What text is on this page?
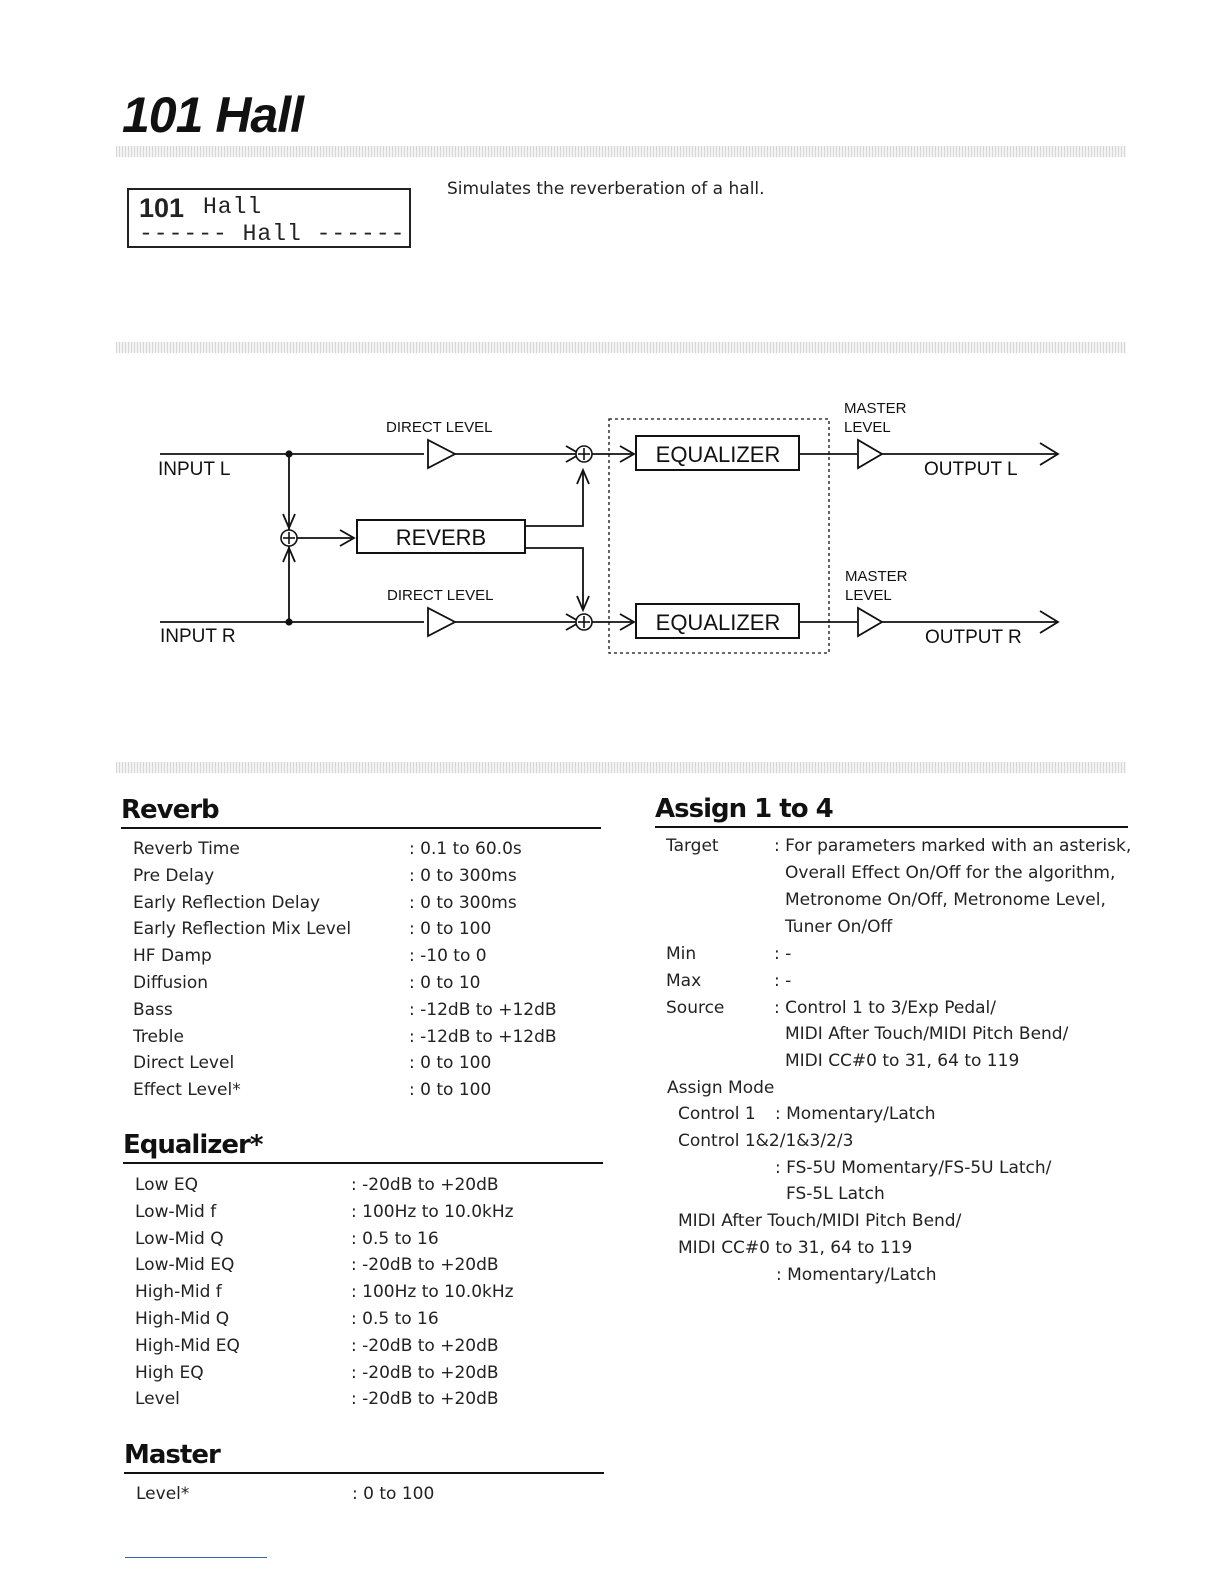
101 Hall
101 Hall
------ Hall ------
Simulates the reverberation of a hall.
INPUT L
INPUT R
DIRECT LEVEL
DIRECT LEVEL
REVERB
EQUALIZER
EQUALIZER
MASTER
LEVEL
MASTER
LEVEL
OUTPUT L
OUTPUT R
Reverb
Reverb Time	: 0.1 to 60.0s
Pre Delay	: 0 to 300ms
Early Reflection Delay	: 0 to 300ms
Early Reflection Mix Level	: 0 to 100
HF Damp	: -10 to 0
Diffusion	: 0 to 10
Bass	: -12dB to +12dB
Treble	: -12dB to +12dB
Direct Level	: 0 to 100
Effect Level*	: 0 to 100
Equalizer*
Low EQ	: -20dB to +20dB
Low-Mid f	: 100Hz to 10.0kHz
Low-Mid Q	: 0.5 to 16
Low-Mid EQ	: -20dB to +20dB
High-Mid f	: 100Hz to 10.0kHz
High-Mid Q	: 0.5 to 16
High-Mid EQ	: -20dB to +20dB
High EQ	: -20dB to +20dB
Level	: -20dB to +20dB
Master
Level*	: 0 to 100
Assign 1 to 4
Target	: For parameters marked with an asterisk,
Overall Effect On/Off for the algorithm,
Metronome On/Off, Metronome Level,
Tuner On/Off
Min	: -
Max	: -
Source	: Control 1 to 3/Exp Pedal/
MIDI After Touch/MIDI Pitch Bend/
MIDI CC#0 to 31, 64 to 119
Assign Mode
Control 1 : Momentary/Latch
Control 1&2/1&3/2/3
: FS-5U Momentary/FS-5U Latch/
FS-5L Latch
MIDI After Touch/MIDI Pitch Bend/
MIDI CC#0 to 31, 64 to 119
: Momentary/Latch
